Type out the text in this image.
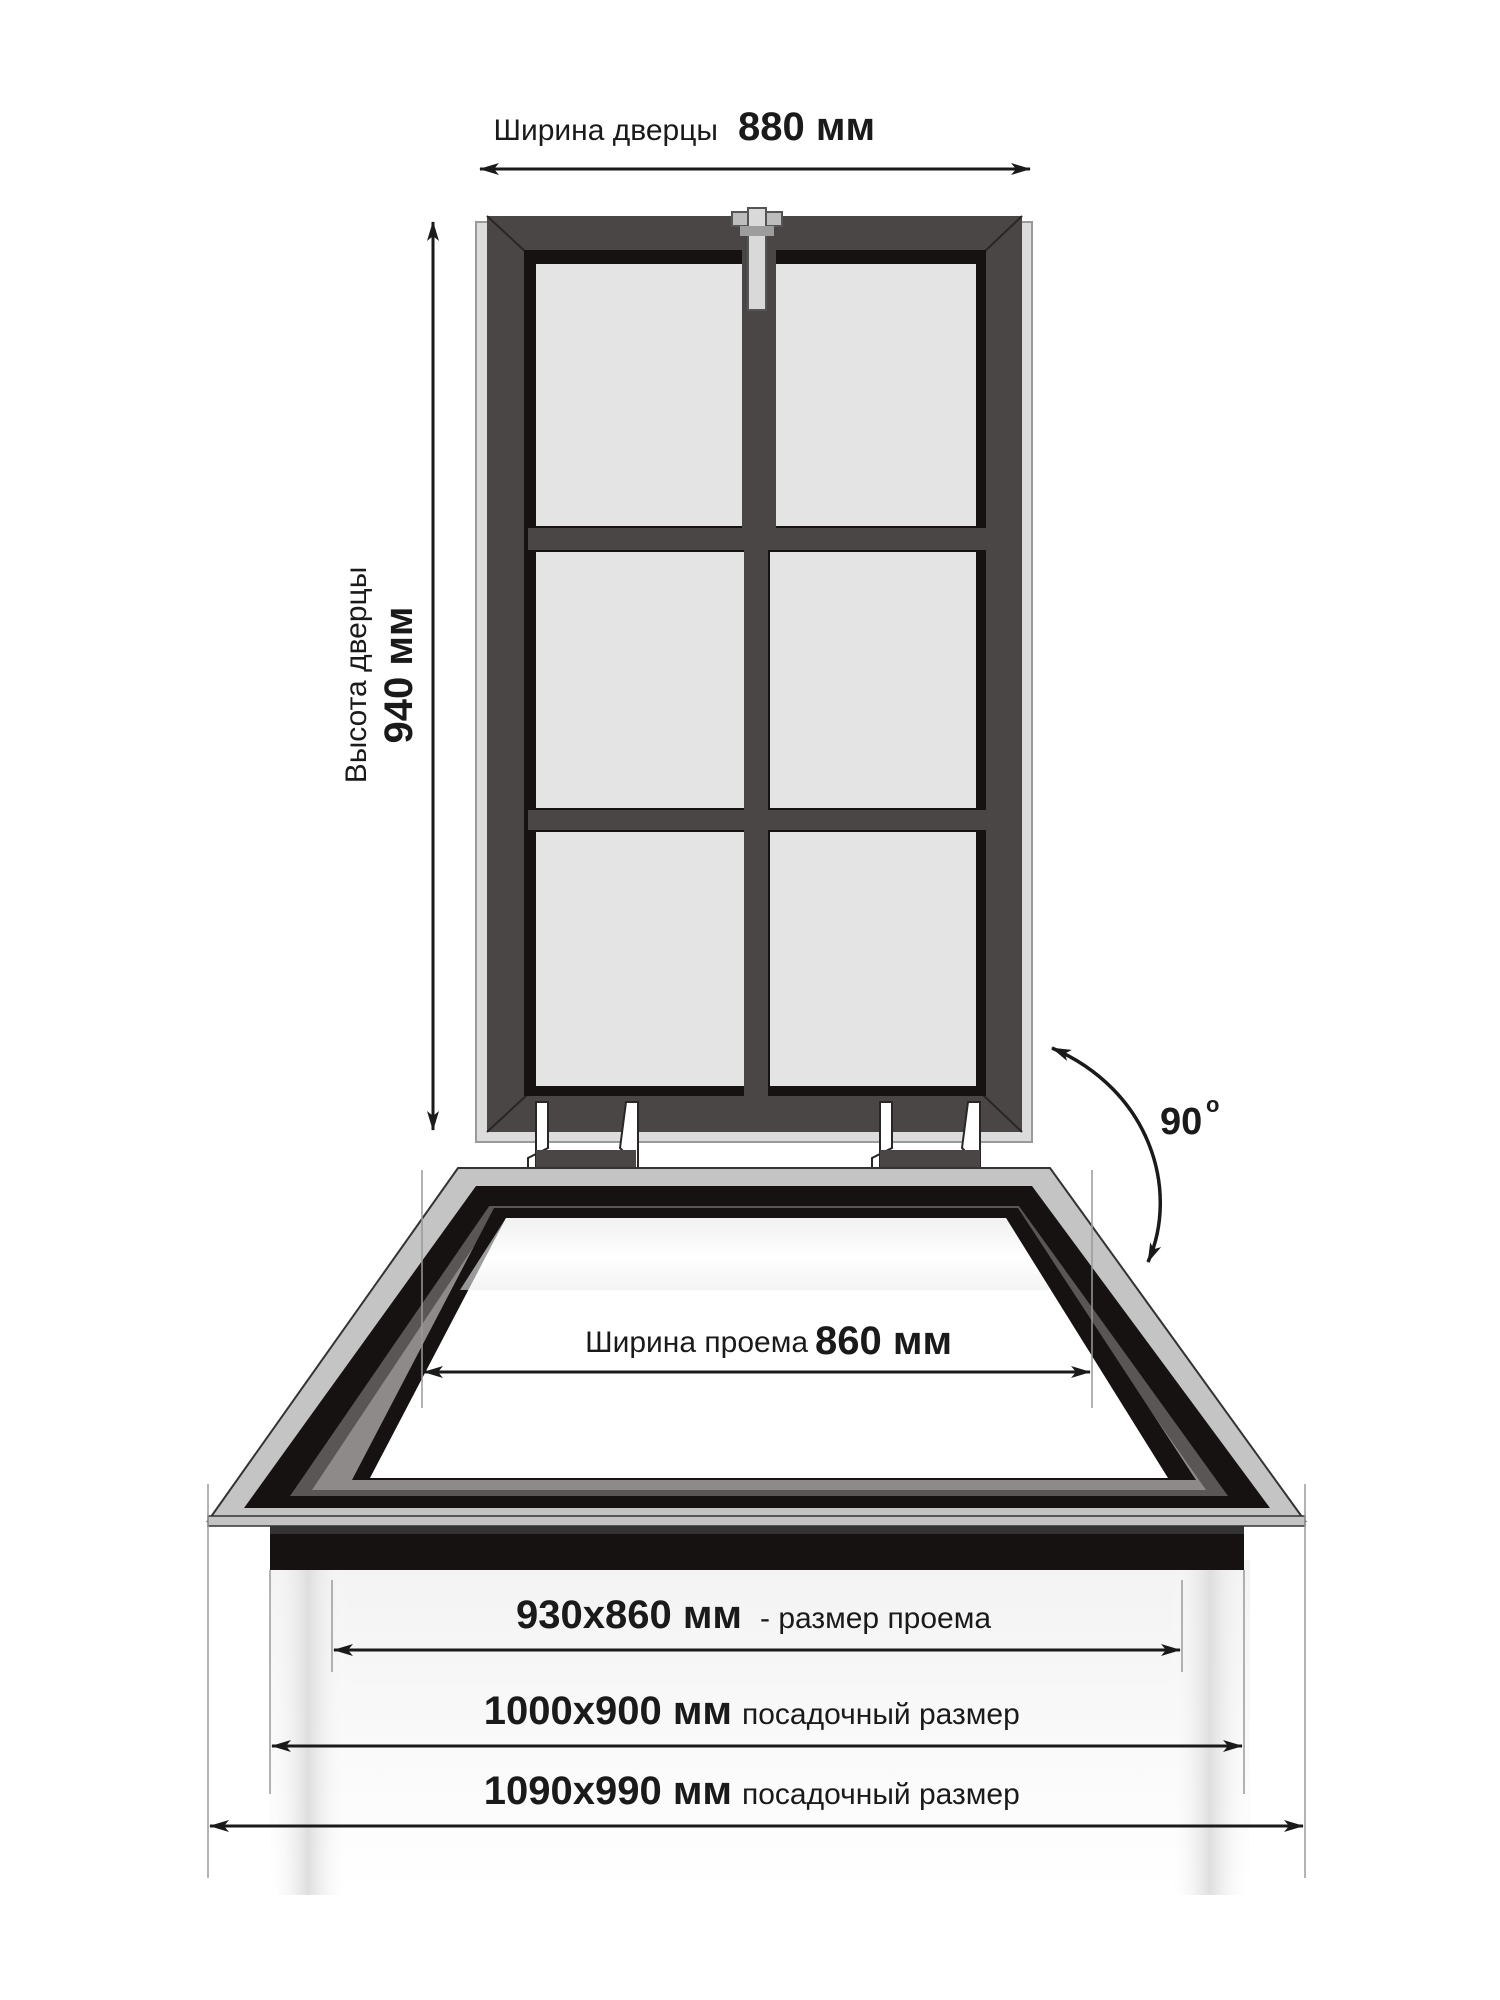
Ширина дверцы 880 мм
Высота дверцы 940 мм
90 o
Ширина проема 860 мм
930x860 мм - размер проема
1000x900 мм посадочный размер
1090x990 мм посадочный размер
